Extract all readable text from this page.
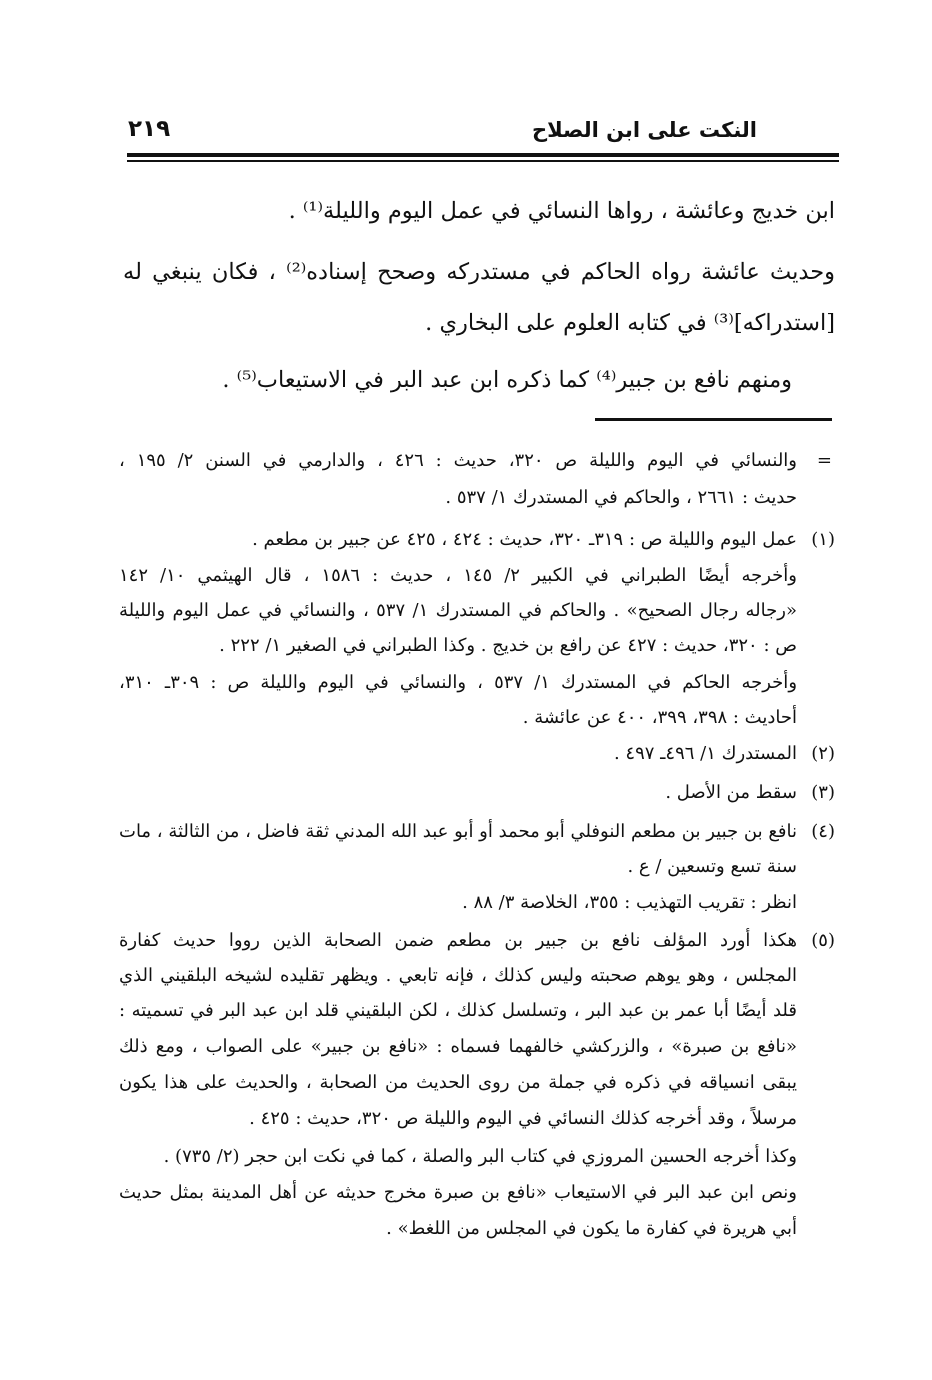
النكت على ابن الصلاح
٢١٩
ابن خديج وعائشة ، رواها النسائي في عمل اليوم والليلة⁽¹⁾ .
وحديث عائشة رواه الحاكم في مستدركه وصحح إسناده⁽²⁾ ، فكان ينبغي له
[استدراكه]⁽³⁾ في كتابه العلوم على البخاري .
ومنهم نافع بن جبير⁽⁴⁾ كما ذكره ابن عبد البر في الاستيعاب⁽⁵⁾ .
=
(١)
(٢)
(٣)
(٤)
(٥)
والنسائي في اليوم والليلة ص ٣٢٠، حديث : ٤٢٦ ، والدارمي في السنن ٢/ ١٩٥ ،
حديث : ٢٦٦١ ، والحاكم في المستدرك ١/ ٥٣٧ .
عمل اليوم والليلة ص : ٣١٩ـ ٣٢٠، حديث : ٤٢٤ ، ٤٢٥ عن جبير بن مطعم .
وأخرجه أيضًا الطبراني في الكبير ٢/ ١٤٥ ، حديث : ١٥٨٦ ، قال الهيثمي ١٠/ ١٤٢
«رجاله رجال الصحيح» . والحاكم في المستدرك ١/ ٥٣٧ ، والنسائي في عمل اليوم والليلة
ص : ٣٢٠، حديث : ٤٢٧ عن رافع بن خديج . وكذا الطبراني في الصغير ١/ ٢٢٢ .
وأخرجه الحاكم في المستدرك ١/ ٥٣٧ ، والنسائي في اليوم والليلة ص : ٣٠٩ـ ٣١٠،
أحاديث : ٣٩٨، ٣٩٩، ٤٠٠ عن عائشة .
المستدرك ١/ ٤٩٦ـ ٤٩٧ .
سقط من الأصل .
نافع بن جبير بن مطعم النوفلي أبو محمد أو أبو عبد الله المدني ثقة فاضل ، من الثالثة ، مات
سنة تسع وتسعين / ع .
انظر : تقريب التهذيب : ٣٥٥، الخلاصة ٣/ ٨٨ .
هكذا أورد المؤلف نافع بن جبير بن مطعم ضمن الصحابة الذين رووا حديث كفارة
المجلس ، وهو يوهم صحبته وليس كذلك ، فإنه تابعي . ويظهر تقليده لشيخه البلقيني الذي
قلد أيضًا أبا عمر بن عبد البر ، وتسلسل كذلك ، لكن البلقيني قلد ابن عبد البر في تسميته :
«نافع بن صبرة» ، والزركشي خالفهما فسماه : «نافع بن جبير» على الصواب ، ومع ذلك
يبقى انسياقه في ذكره في جملة من روى الحديث من الصحابة ، والحديث على هذا يكون
مرسلاً ، وقد أخرجه كذلك النسائي في اليوم والليلة ص ٣٢٠، حديث : ٤٢٥ .
وكذا أخرجه الحسين المروزي في كتاب البر والصلة ، كما في نكت ابن حجر (٢/ ٧٣٥) .
ونص ابن عبد البر في الاستيعاب «نافع بن صبرة مخرج حديثه عن أهل المدينة بمثل حديث
أبي هريرة في كفارة ما يكون في المجلس من اللغط» .
